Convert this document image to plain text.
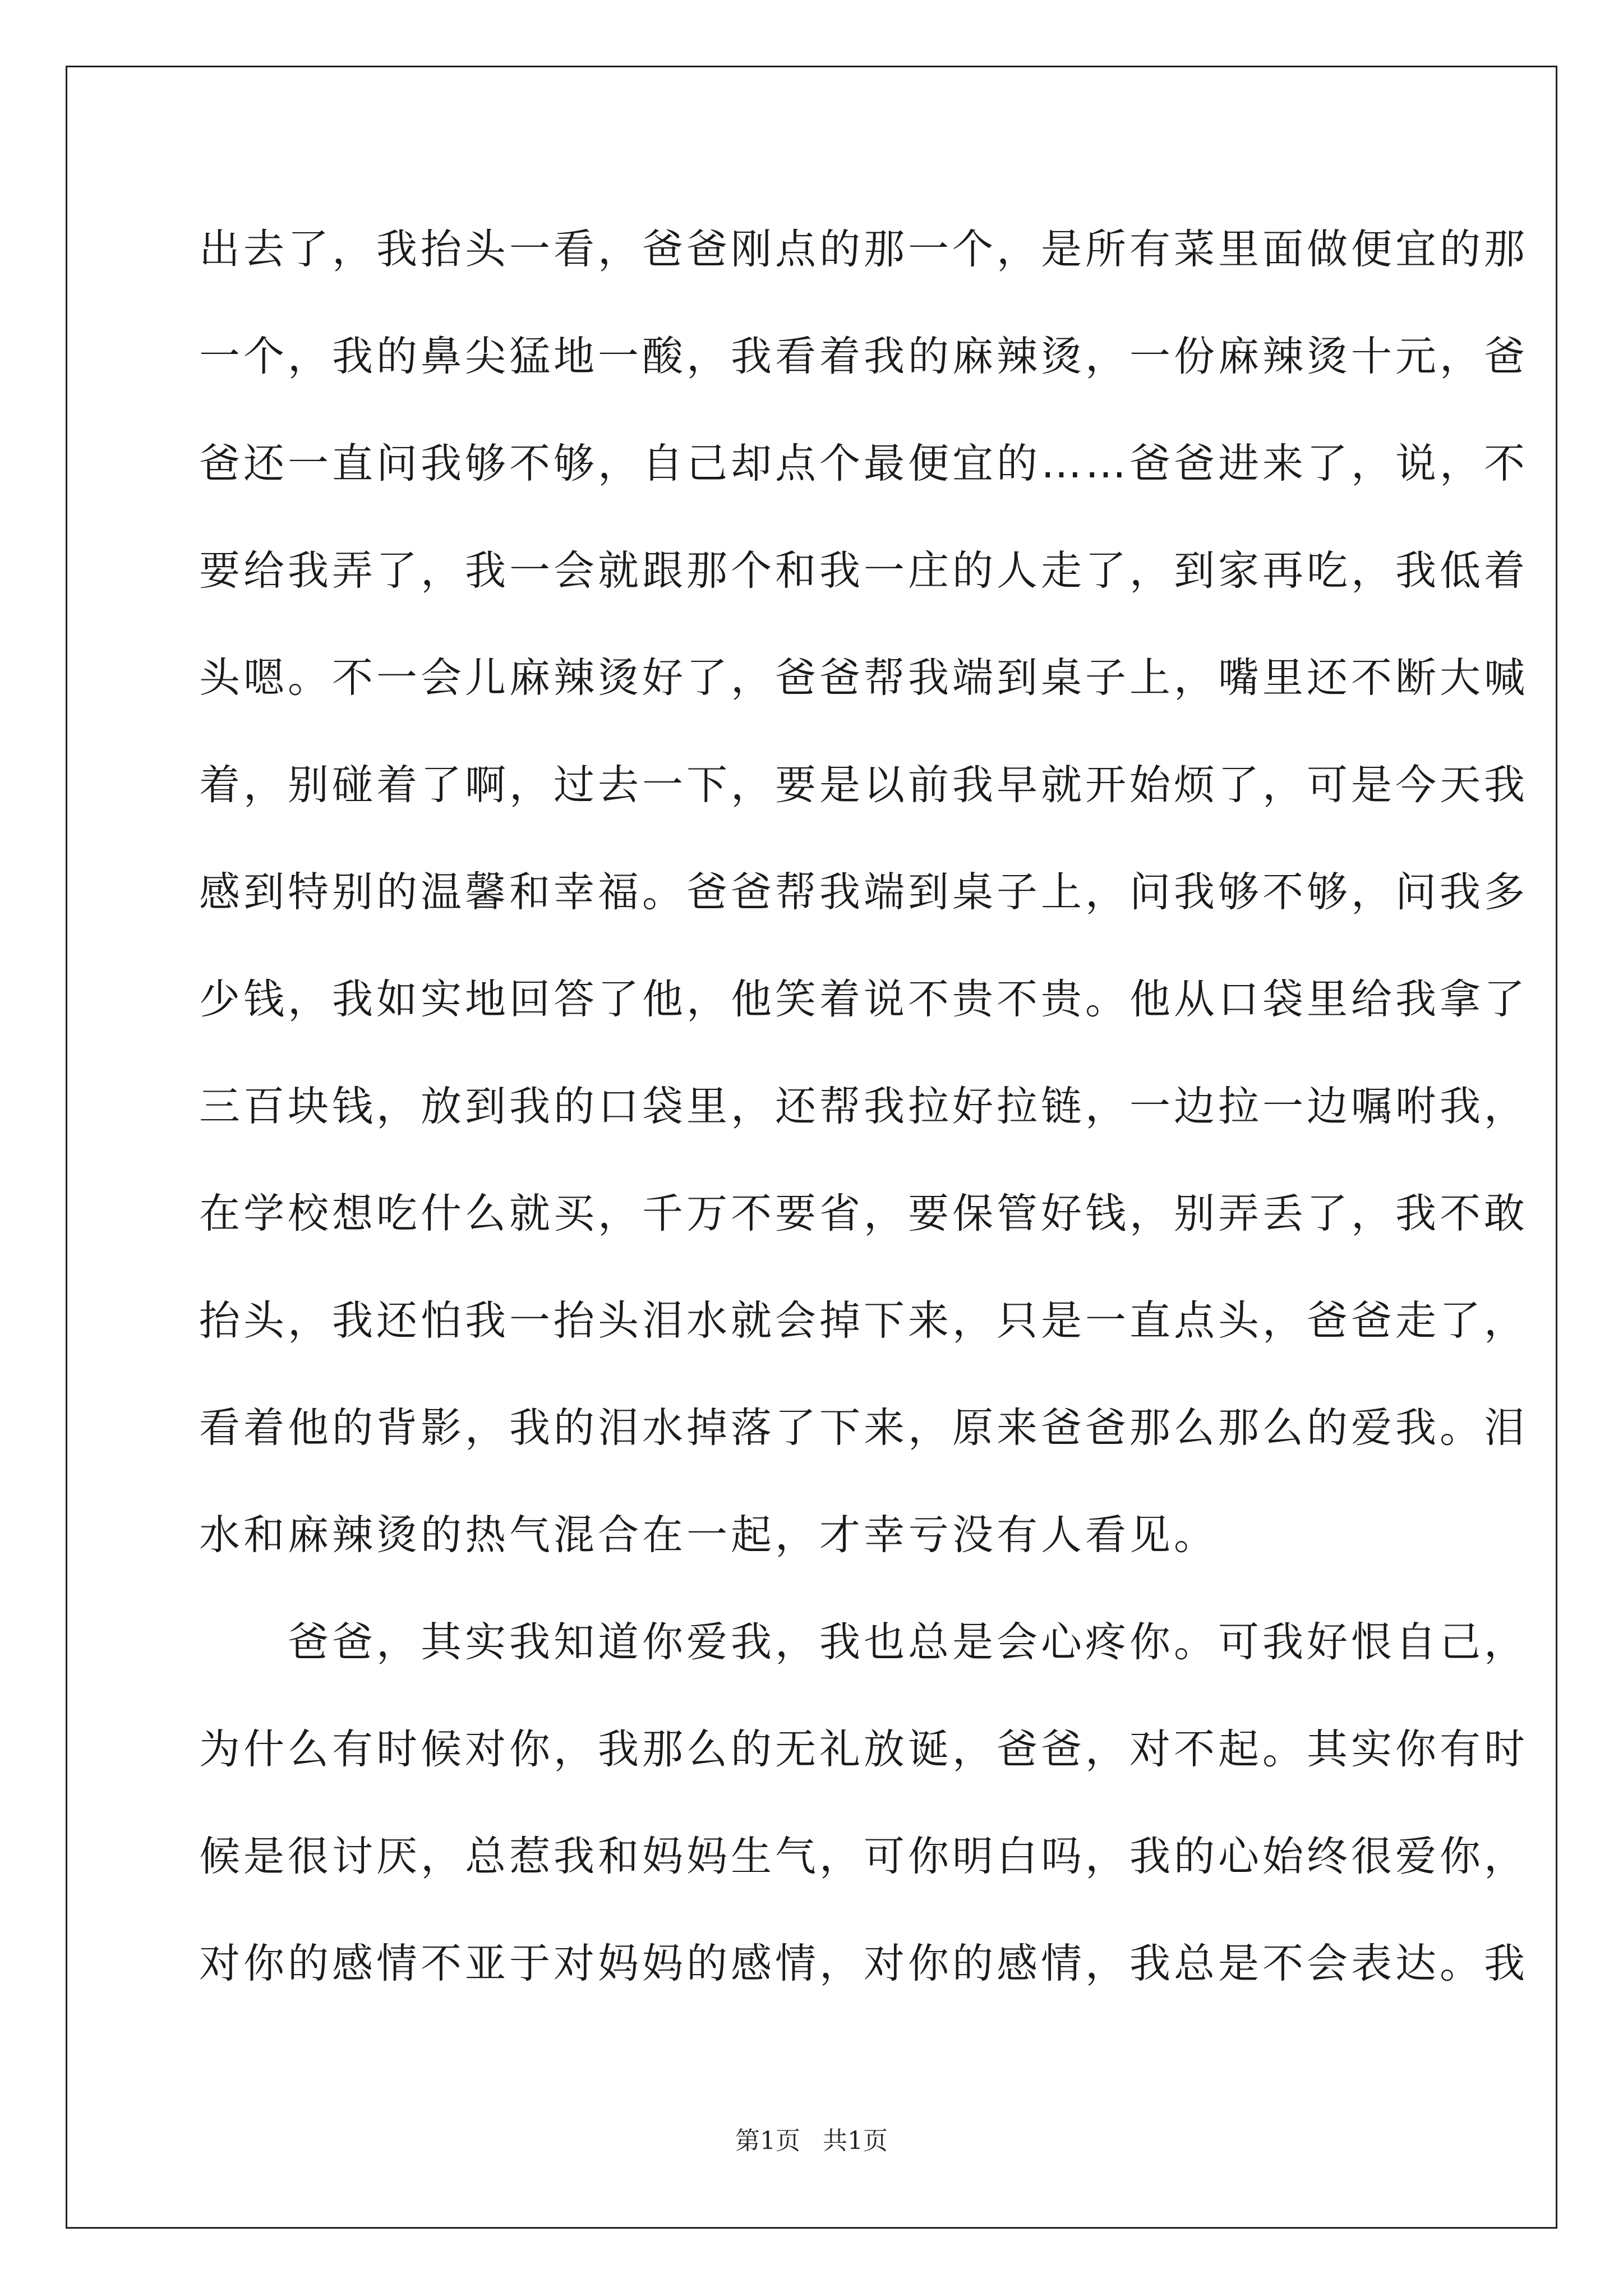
出去了，我抬头一看，爸爸刚点的那一个，是所有菜里面做便宜的那
一个，我的鼻尖猛地一酸，我看着我的麻辣烫，一份麻辣烫十元，爸
爸还一直问我够不够，自己却点个最便宜的……爸爸进来了，说，不
要给我弄了，我一会就跟那个和我一庄的人走了，到家再吃，我低着
头嗯。不一会儿麻辣烫好了，爸爸帮我端到桌子上，嘴里还不断大喊
着，别碰着了啊，过去一下，要是以前我早就开始烦了，可是今天我
感到特别的温馨和幸福。爸爸帮我端到桌子上，问我够不够，问我多
少钱，我如实地回答了他，他笑着说不贵不贵。他从口袋里给我拿了
三百块钱，放到我的口袋里，还帮我拉好拉链，一边拉一边嘱咐我，
在学校想吃什么就买，千万不要省，要保管好钱，别弄丢了，我不敢
抬头，我还怕我一抬头泪水就会掉下来，只是一直点头，爸爸走了，
看着他的背影，我的泪水掉落了下来，原来爸爸那么那么的爱我。泪
水和麻辣烫的热气混合在一起，才幸亏没有人看见。
　　爸爸，其实我知道你爱我，我也总是会心疼你。可我好恨自己，
为什么有时候对你，我那么的无礼放诞，爸爸，对不起。其实你有时
候是很讨厌，总惹我和妈妈生气，可你明白吗，我的心始终很爱你，
对你的感情不亚于对妈妈的感情，对你的感情，我总是不会表达。我
第1页 共1页
